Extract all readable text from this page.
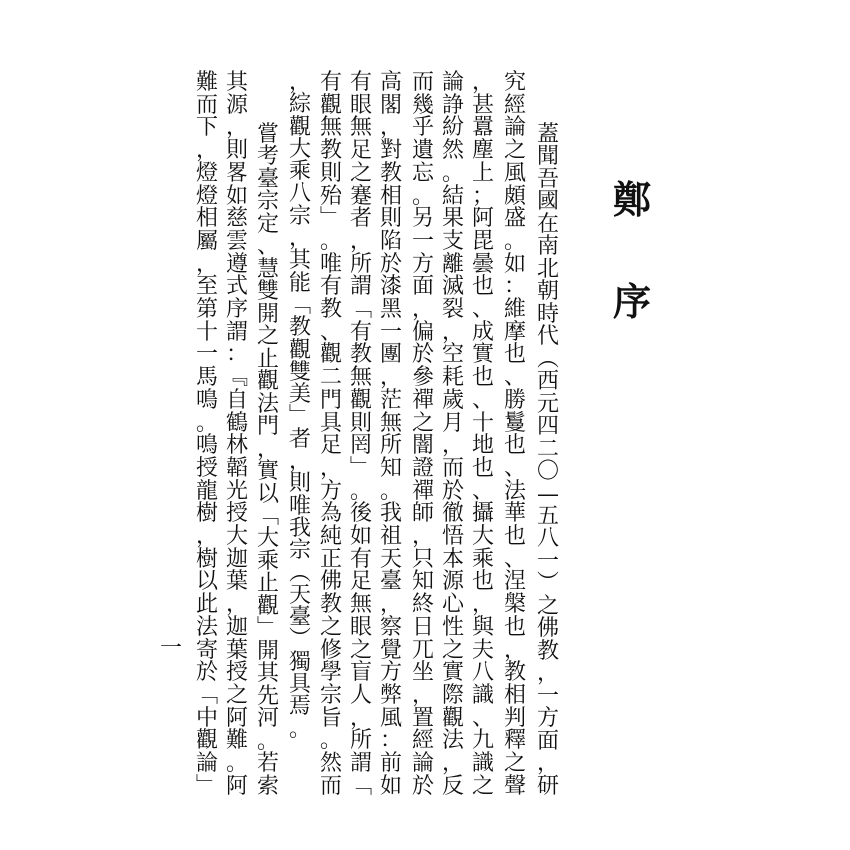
鄭
序
蓋
聞
吾
國
在
南
北
朝
時
代
︵
西
元
四
二
〇
—
五
八
一
︶
之
佛
教
，
一
方
面
，
研
究
經
論
之
風
頗
盛
。
如
：
維
摩
也
、
勝
鬘
也
、
法
華
也
、
涅
槃
也
，
教
相
判
釋
之
聲
，
甚
囂
塵
上
；
阿
毘
曇
也
、
成
實
也
、
十
地
也
、
攝
大
乘
也
，
與
夫
八
識
、
九
識
之
論
諍
紛
然
。
結
果
支
離
滅
裂
，
空
耗
歲
月
，
而
於
徹
悟
本
源
心
性
之
實
際
觀
法
，
反
而
幾
乎
遺
忘
。
另
一
方
面
，
偏
於
參
禪
之
闇
證
禪
師
，
只
知
終
日
兀
坐
，
置
經
論
於
高
閣
，
對
教
相
則
陷
於
漆
黑
一
團
，
茫
無
所
知
。
我
祖
天
臺
，
察
覺
方
弊
風
：
前
如
有
眼
無
足
之
蹇
者
，
所
謂
﹁
有
教
無
觀
則
罔
﹂
。
後
如
有
足
無
眼
之
盲
人
，
所
謂
﹁
有
觀
無
教
則
殆
﹂
。
唯
有
教
、
觀
二
門
具
足
，
方
為
純
正
佛
教
之
修
學
宗
旨
。
然
而
，
綜
觀
大
乘
八
宗
，
其
能
﹁
教
觀
雙
美
﹂
者
，
則
唯
我
宗
︵
天
臺
︶
獨
具
焉
。
嘗
考
臺
宗
定
、
慧
雙
開
之
止
觀
法
門
，
實
以
﹁
大
乘
止
觀
﹂
開
其
先
河
。
若
索
其
源
，
則
畧
如
慈
雲
遵
式
序
謂
：
﹃
自
鶴
林
韜
光
授
大
迦
葉
，
迦
葉
授
之
阿
難
。
阿
難
而
下
，
燈
燈
相
屬
，
至
第
十
一
馬
鳴
。
鳴
授
龍
樹
，
樹
以
此
法
寄
於
﹁
中
觀
論
﹂
一
